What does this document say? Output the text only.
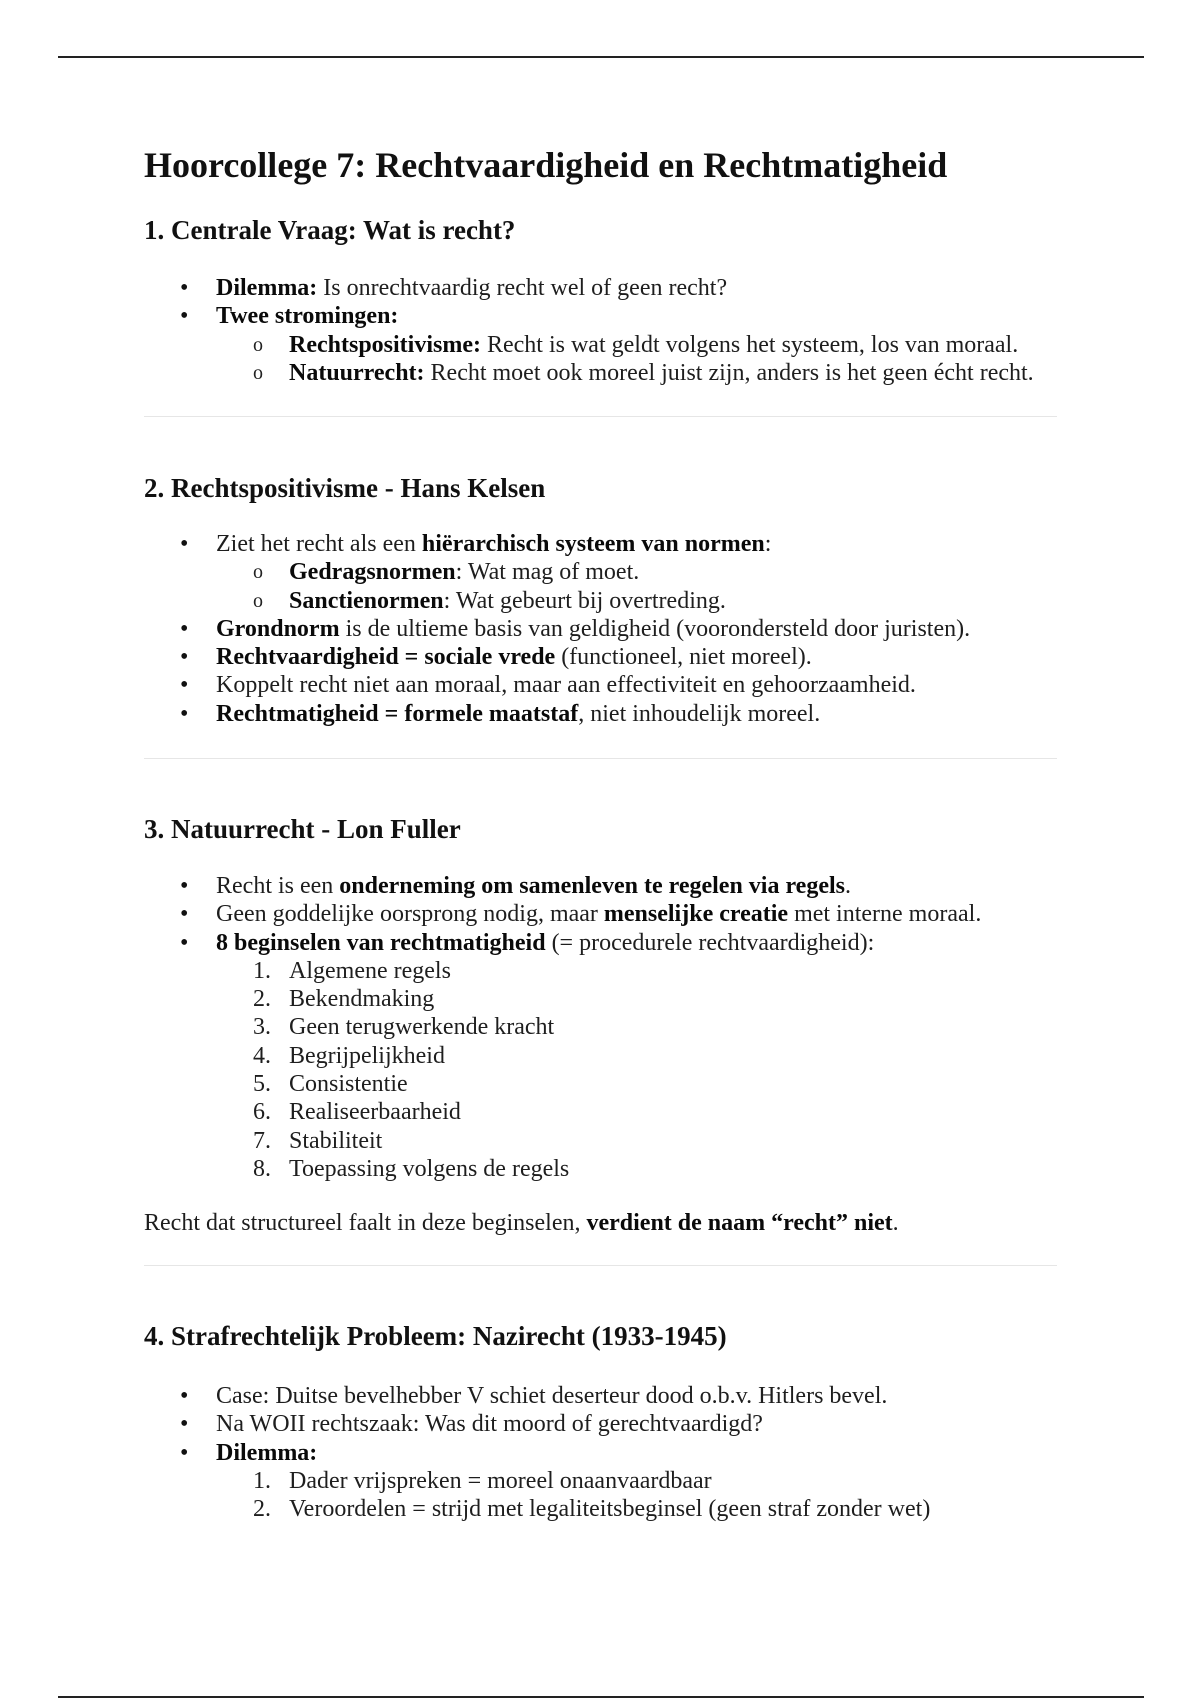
Hoorcollege 7: Rechtvaardigheid en Rechtmatigheid
1. Centrale Vraag: Wat is recht?
• Dilemma: Is onrechtvaardig recht wel of geen recht?
• Twee stromingen:
o Rechtspositivisme: Recht is wat geldt volgens het systeem, los van moraal.
o Natuurrecht: Recht moet ook moreel juist zijn, anders is het geen écht recht.
2. Rechtspositivisme - Hans Kelsen
• Ziet het recht als een hiërarchisch systeem van normen:
o Gedragsnormen: Wat mag of moet.
o Sanctienormen: Wat gebeurt bij overtreding.
• Grondnorm is de ultieme basis van geldigheid (voorondersteld door juristen).
• Rechtvaardigheid = sociale vrede (functioneel, niet moreel).
• Koppelt recht niet aan moraal, maar aan effectiviteit en gehoorzaamheid.
• Rechtmatigheid = formele maatstaf, niet inhoudelijk moreel.
3. Natuurrecht - Lon Fuller
• Recht is een onderneming om samenleven te regelen via regels.
• Geen goddelijke oorsprong nodig, maar menselijke creatie met interne moraal.
• 8 beginselen van rechtmatigheid (= procedurele rechtvaardigheid):
1. Algemene regels
2. Bekendmaking
3. Geen terugwerkende kracht
4. Begrijpelijkheid
5. Consistentie
6. Realiseerbaarheid
7. Stabiliteit
8. Toepassing volgens de regels

Recht dat structureel faalt in deze beginselen, verdient de naam “recht” niet.

4. Strafrechtelijk Probleem: Nazirecht (1933-1945)
• Case: Duitse bevelhebber V schiet deserteur dood o.b.v. Hitlers bevel.
• Na WOII rechtszaak: Was dit moord of gerechtvaardigd?
• Dilemma:
1. Dader vrijspreken = moreel onaanvaardbaar
2. Veroordelen = strijd met legaliteitsbeginsel (geen straf zonder wet)
